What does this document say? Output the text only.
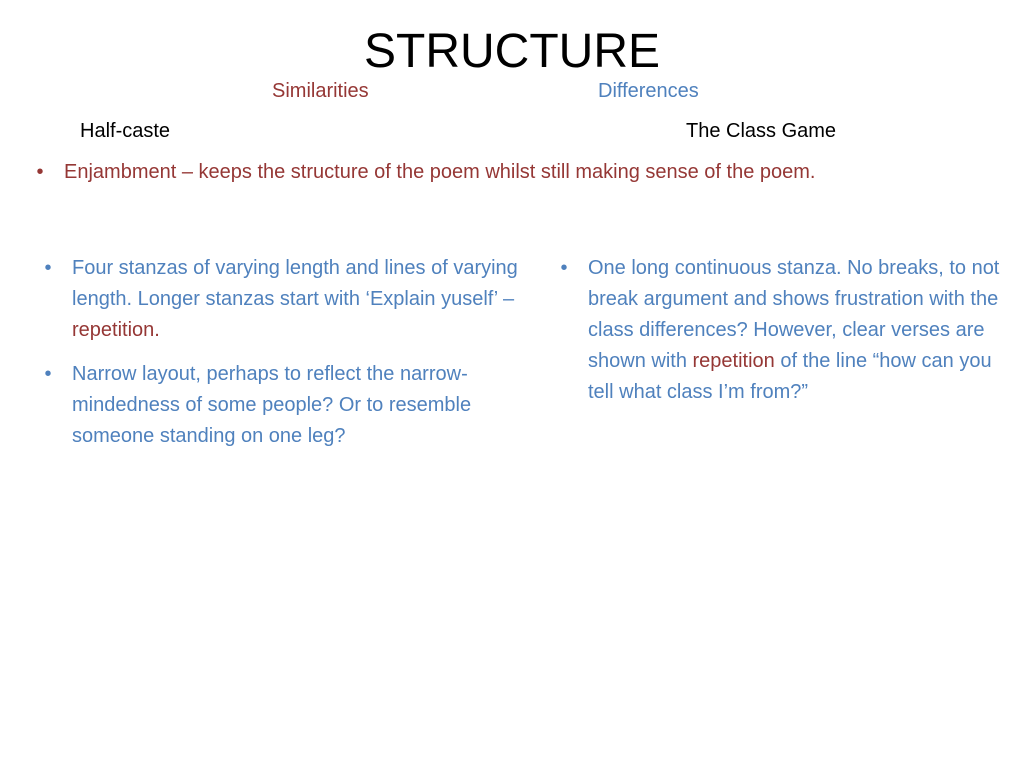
STRUCTURE
Similarities	Differences
Half-caste	The Class Game
•	Enjambment – keeps the structure of the poem whilst still making sense of the poem.
•	Four stanzas of varying length and lines of varying length. Longer stanzas start with ‘Explain yuself’ – repetition.
•	Narrow layout, perhaps to reflect the narrow-mindedness of some people? Or to resemble someone standing on one leg?
•	One long continuous stanza. No breaks, to not break argument and shows frustration with the class differences? However, clear verses are shown with repetition of the line “how can you tell what class I’m from?”
